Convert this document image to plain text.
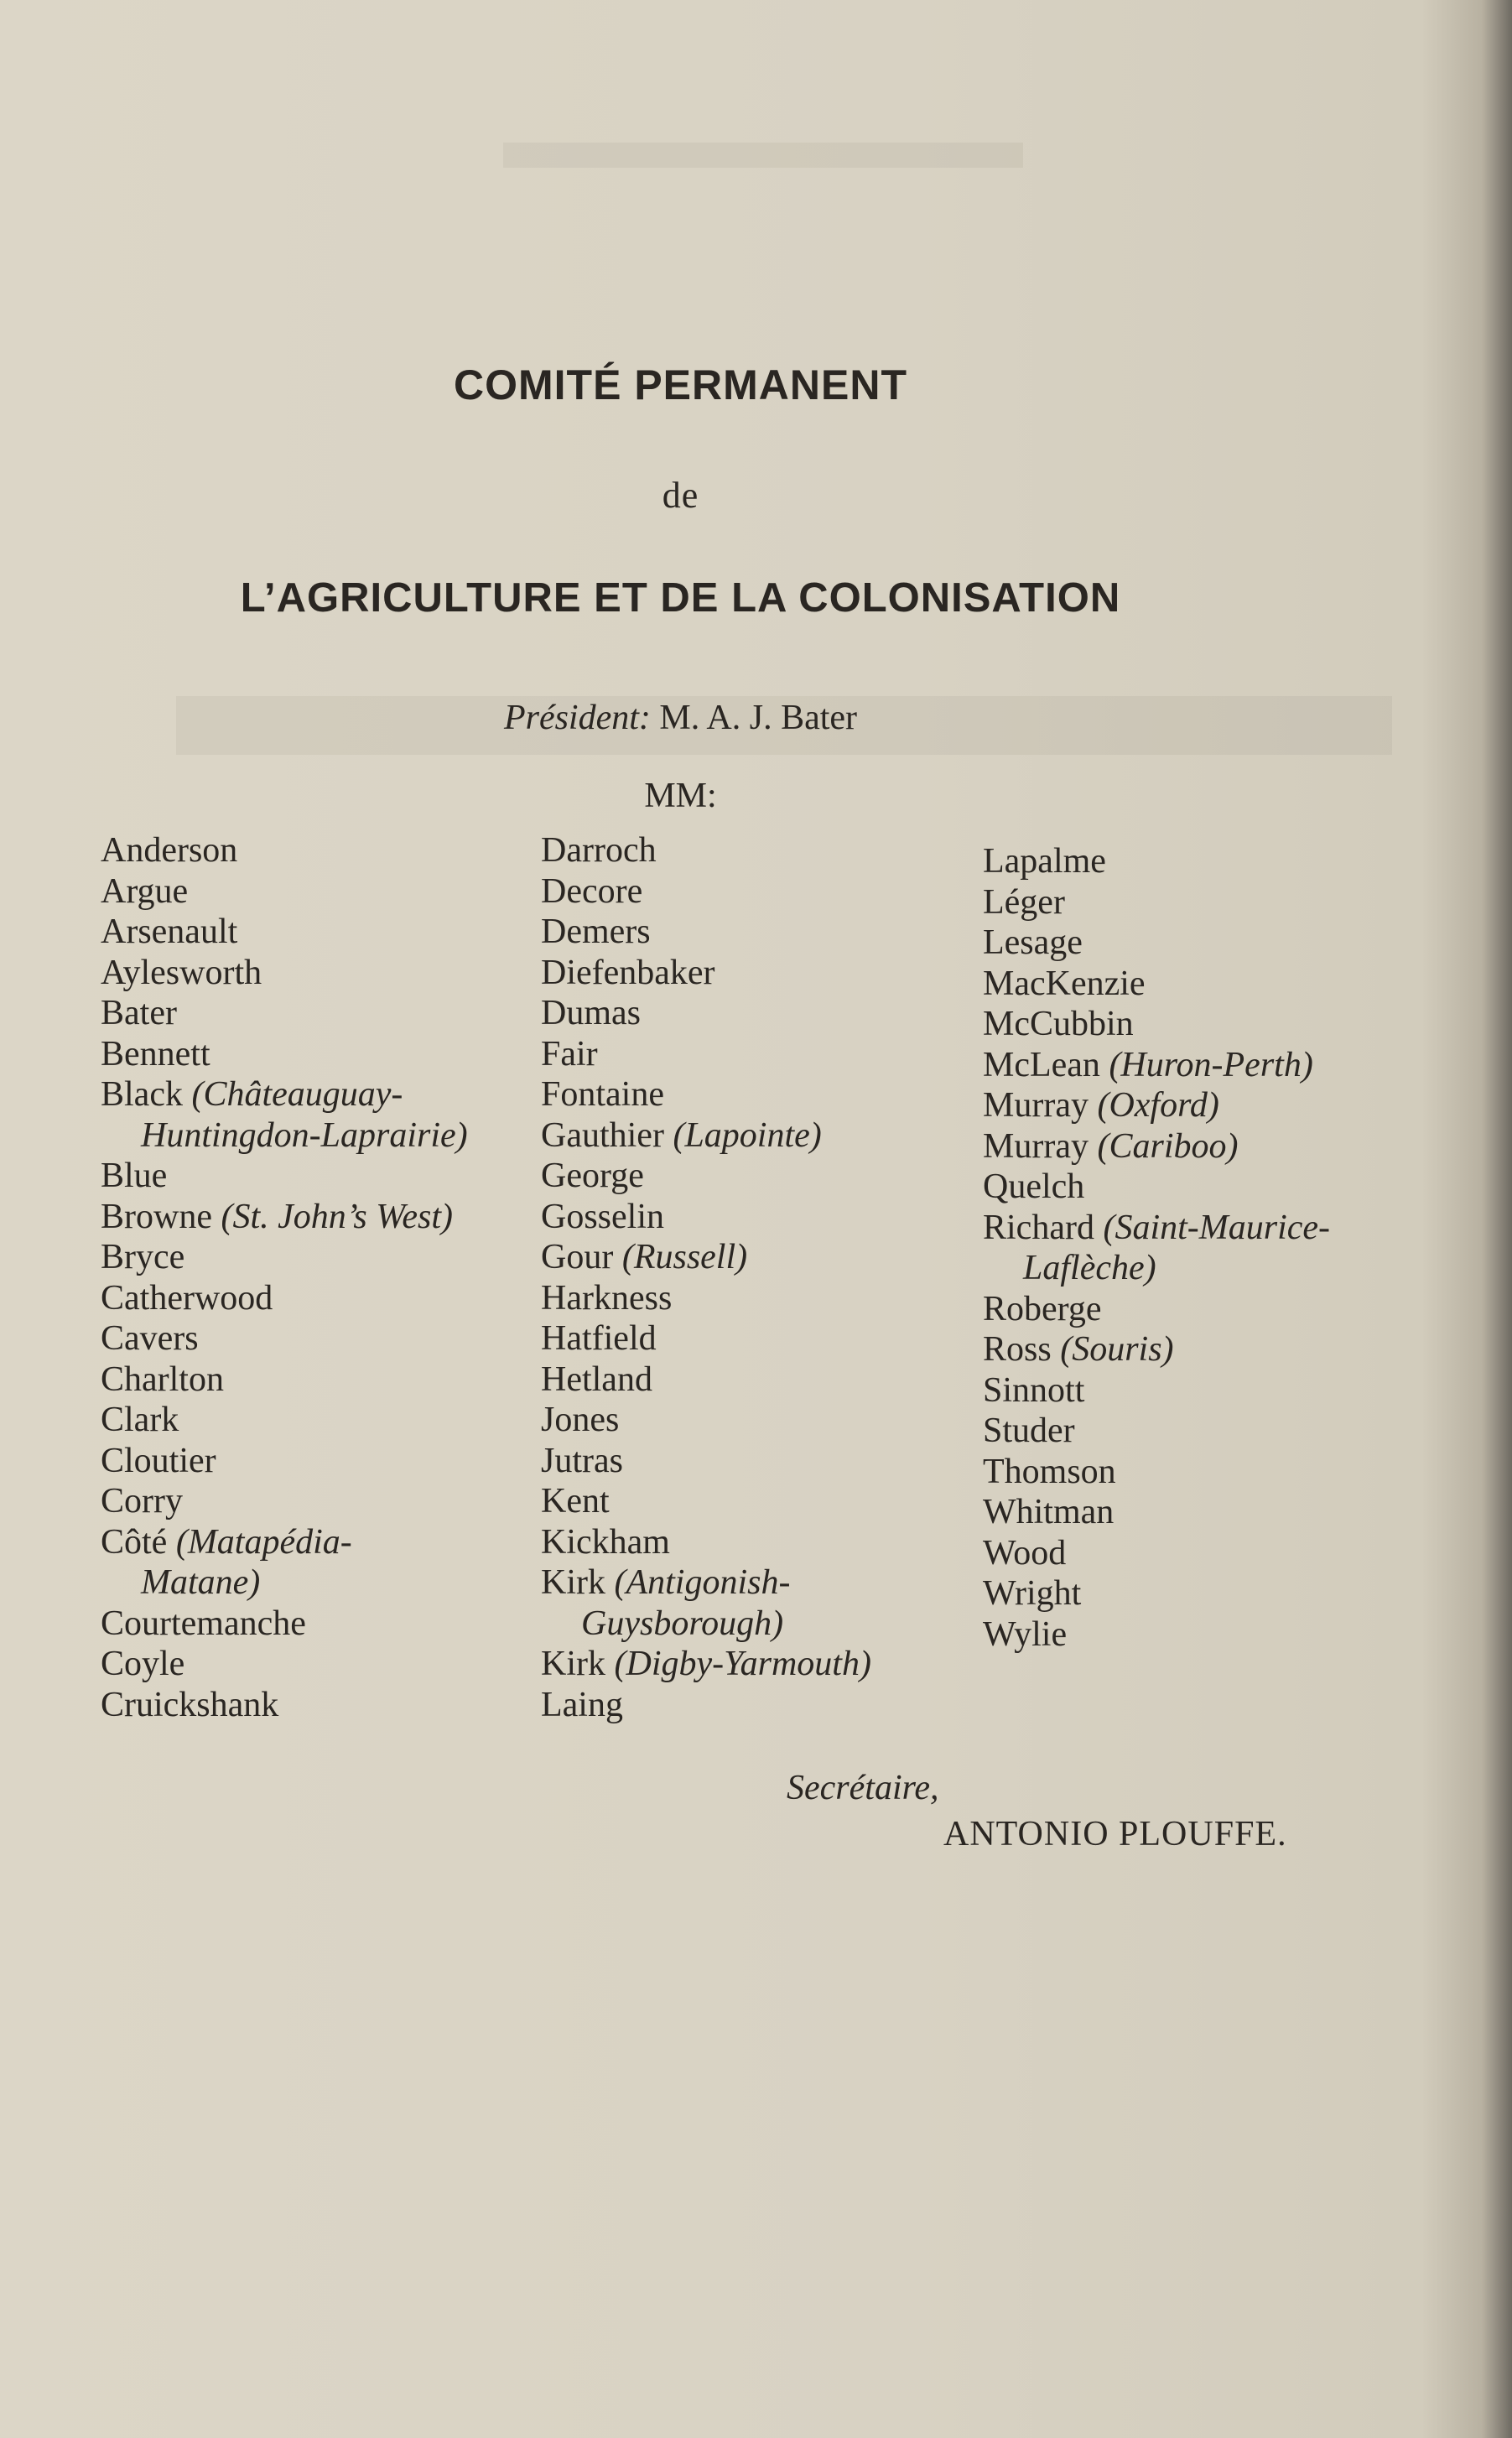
COMITÉ PERMANENT
de
L’AGRICULTURE ET DE LA COLONISATION
Président: M. A. J. Bater
MM:
Anderson
Argue
Arsenault
Aylesworth
Bater
Bennett
Black (Châteauguay-
Huntingdon-Laprairie)
Blue
Browne (St. John’s West)
Bryce
Catherwood
Cavers
Charlton
Clark
Cloutier
Corry
Côté (Matapédia-
Matane)
Courtemanche
Coyle
Cruickshank
Darroch
Decore
Demers
Diefenbaker
Dumas
Fair
Fontaine
Gauthier (Lapointe)
George
Gosselin
Gour (Russell)
Harkness
Hatfield
Hetland
Jones
Jutras
Kent
Kickham
Kirk (Antigonish-
Guysborough)
Kirk (Digby-Yarmouth)
Laing
Lapalme
Léger
Lesage
MacKenzie
McCubbin
McLean (Huron-Perth)
Murray (Oxford)
Murray (Cariboo)
Quelch
Richard (Saint-Maurice-
Laflèche)
Roberge
Ross (Souris)
Sinnott
Studer
Thomson
Whitman
Wood
Wright
Wylie
Secrétaire,
ANTONIO PLOUFFE.
